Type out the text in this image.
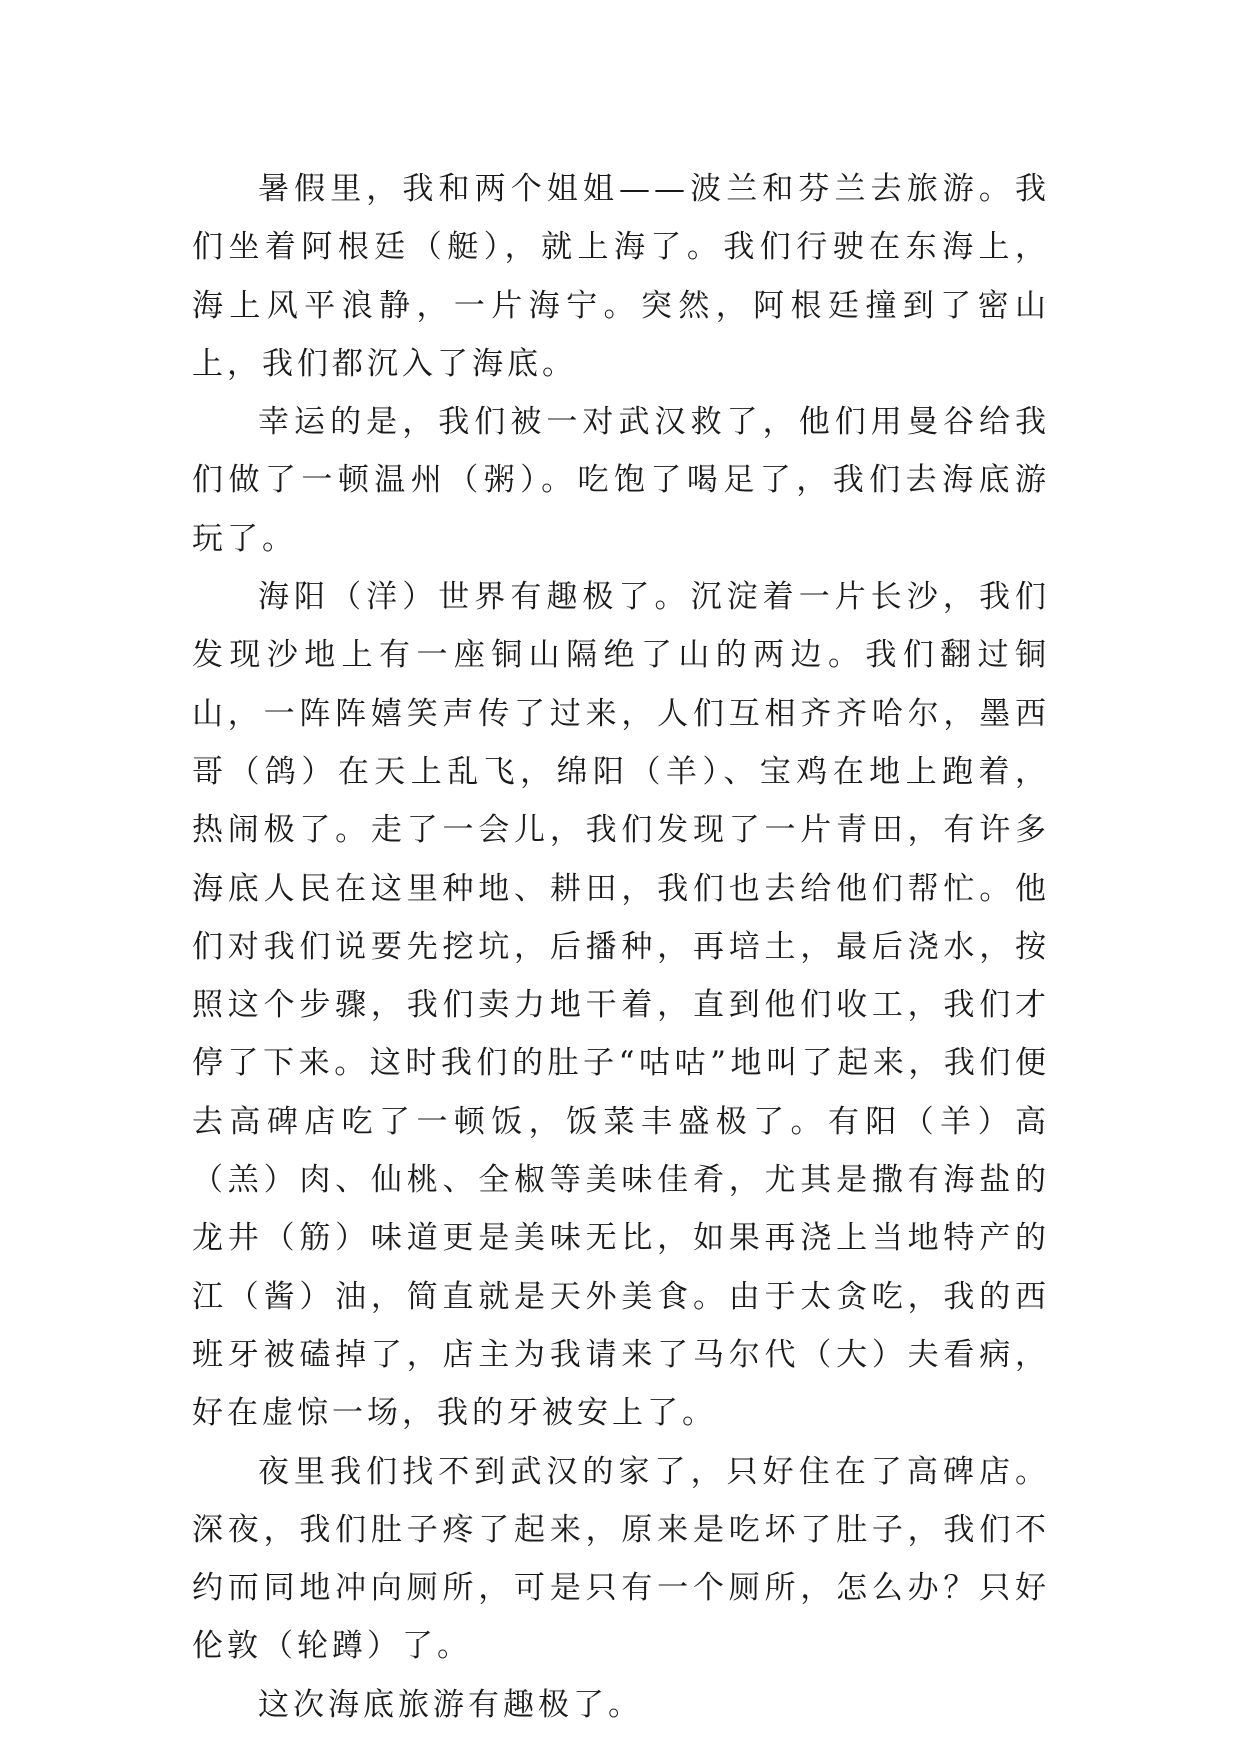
暑假里，我和两个姐姐——波兰和芬兰去旅游。我们坐着阿根廷（艇），就上海了。我们行驶在东海上，海上风平浪静，一片海宁。突然，阿根廷撞到了密山上，我们都沉入了海底。

幸运的是，我们被一对武汉救了，他们用曼谷给我们做了一顿温州（粥）。吃饱了喝足了，我们去海底游玩了。

海阳（洋）世界有趣极了。沉淀着一片长沙，我们发现沙地上有一座铜山隔绝了山的两边。我们翻过铜山，一阵阵嬉笑声传了过来，人们互相齐齐哈尔，墨西哥（鸽）在天上乱飞，绵阳（羊）、宝鸡在地上跑着，热闹极了。走了一会儿，我们发现了一片青田，有许多海底人民在这里种地、耕田，我们也去给他们帮忙。他们对我们说要先挖坑，后播种，再培土，最后浇水，按照这个步骤，我们卖力地干着，直到他们收工，我们才停了下来。这时我们的肚子“咕咕”地叫了起来，我们便去高碑店吃了一顿饭，饭菜丰盛极了。有阳（羊）高（羔）肉、仙桃、全椒等美味佳肴，尤其是撒有海盐的龙井（筋）味道更是美味无比，如果再浇上当地特产的江（酱）油，简直就是天外美食。由于太贪吃，我的西班牙被磕掉了，店主为我请来了马尔代（大）夫看病，好在虚惊一场，我的牙被安上了。

夜里我们找不到武汉的家了，只好住在了高碑店。深夜，我们肚子疼了起来，原来是吃坏了肚子，我们不约而同地冲向厕所，可是只有一个厕所，怎么办？只好伦敦（轮蹲）了。

这次海底旅游有趣极了。
